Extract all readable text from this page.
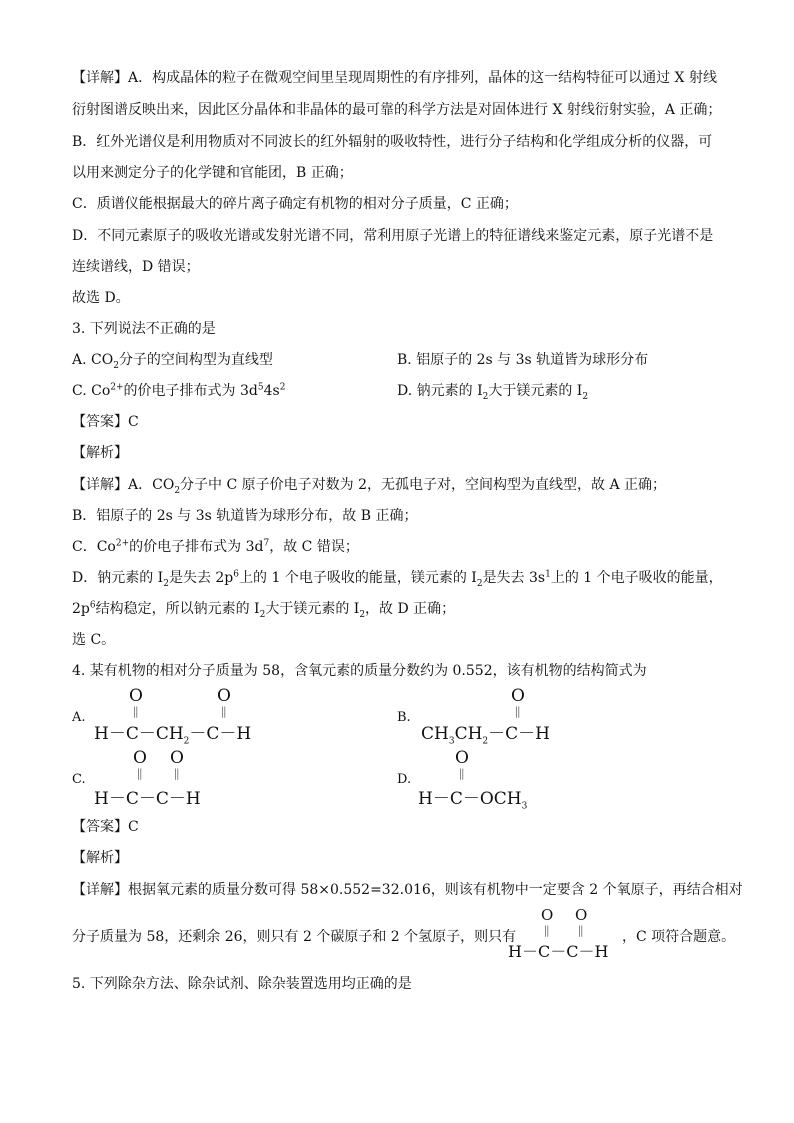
【详解】A．构成晶体的粒子在微观空间里呈现周期性的有序排列，晶体的这一结构特征可以通过 X 射线
衍射图谱反映出来，因此区分晶体和非晶体的最可靠的科学方法是对固体进行 X 射线衍射实验，A 正确；
B．红外光谱仪是利用物质对不同波长的红外辐射的吸收特性，进行分子结构和化学组成分析的仪器，可
以用来测定分子的化学键和官能团，B 正确；
C．质谱仪能根据最大的碎片离子确定有机物的相对分子质量，C 正确；
D．不同元素原子的吸收光谱或发射光谱不同，常利用原子光谱上的特征谱线来鉴定元素，原子光谱不是
连续谱线，D 错误；
故选 D。
3. 下列说法不正确的是
A. $CO_2$分子的空间构型为直线型	B. 铝原子的 2s 与 3s 轨道皆为球形分布
C. $Co^{2+}$的价电子排布式为 $3d^54s^2$	D. 钠元素的 $I_2$大于镁元素的 $I_2$
【答案】C
【解析】
【详解】A．$CO_2$分子中 C 原子价电子对数为 2，无孤电子对，空间构型为直线型，故 A 正确；
B．铝原子的 2s 与 3s 轨道皆为球形分布，故 B 正确；
C．$Co^{2+}$的价电子排布式为 $3d^7$，故 C 错误；
D．钠元素的 $I_2$是失去 $2p^6$上的 1 个电子吸收的能量，镁元素的 $I_2$是失去 $3s^1$上的 1 个电子吸收的能量，
$2p^6$结构稳定，所以钠元素的 $I_2$大于镁元素的 $I_2$，故 D 正确；
选 C。
4. 某有机物的相对分子质量为 58，含氧元素的质量分数约为 0.552，该有机物的结构简式为
A.
O
||
O
||
$H-C-CH_2-C-H$
B.
O
||
$CH_3CH_2-C-H$
C.
O
||
O
||
H－C－C－H
D.
O
||
$H-C-OCH_3$
【答案】C
【解析】
【详解】根据氧元素的质量分数可得 58×0.552=32.016，则该有机物中一定要含 2 个氧原子，再结合相对
分子质量为 58，还剩余 26，则只有 2 个碳原子和 2 个氢原子，则只有
O
||
O
||
H－C－C－H
，C 项符合题意。
5. 下列除杂方法、除杂试剂、除杂装置选用均正确的是
